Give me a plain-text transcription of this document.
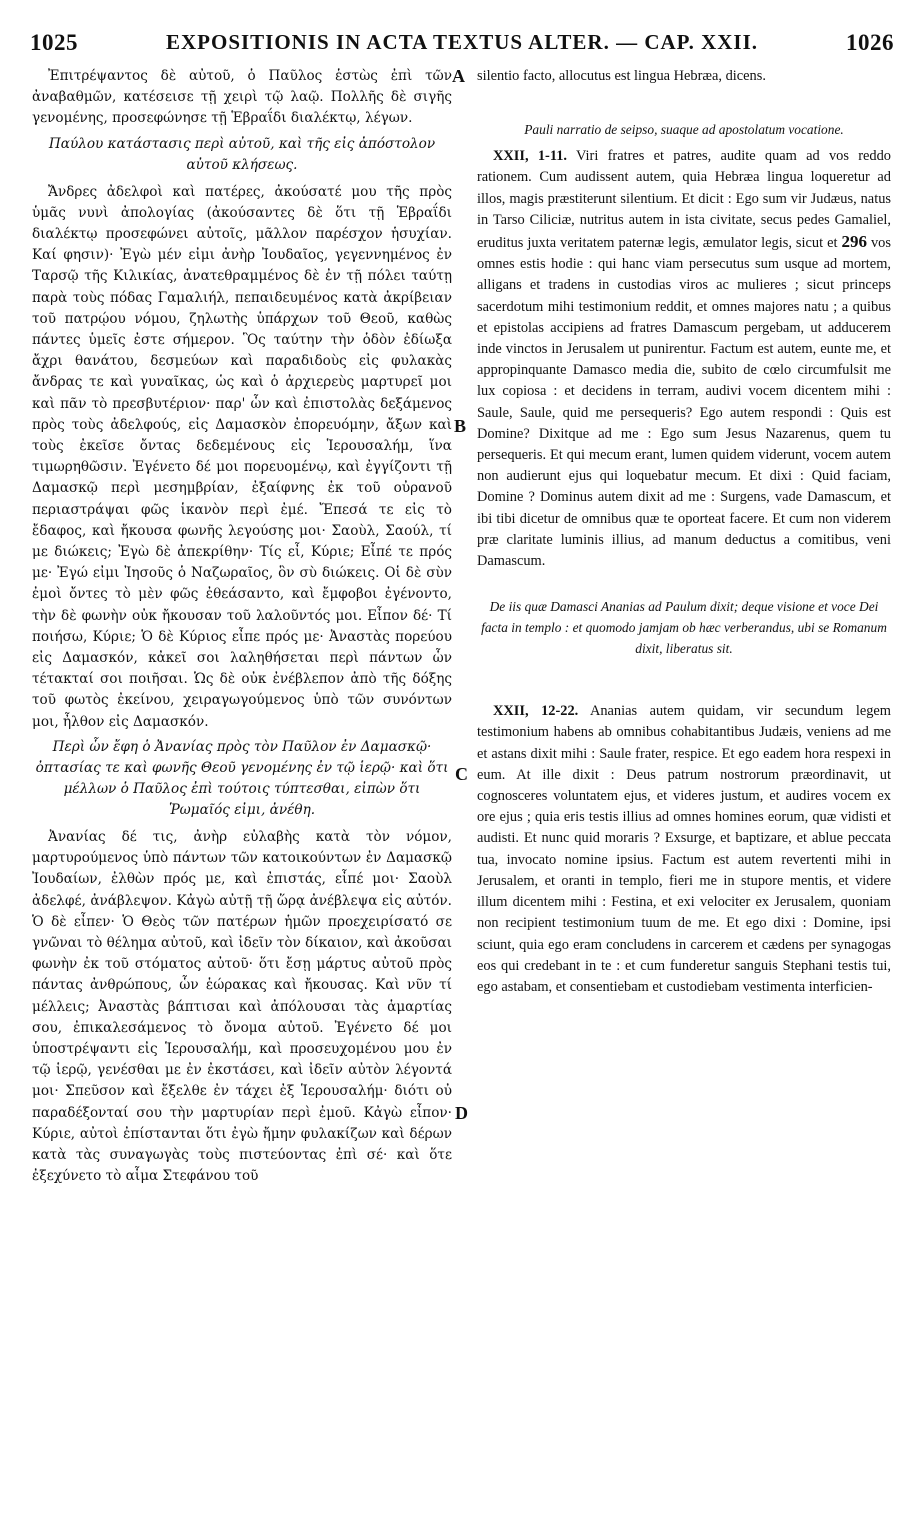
1025	EXPOSITIONIS IN ACTA TEXTUS ALTER. — CAP. XXII.	1026
A
B
C
D

Ἐπιτρέψαντος δὲ αὐτοῦ, ὁ Παῦλος ἑστὼς ἐπὶ τῶν ἀναβαθμῶν, κατέσεισε τῇ χειρὶ τῷ λαῷ. Πολλῆς δὲ σιγῆς γενομένης, προσεφώνησε τῇ Ἑβραΐδι διαλέκτῳ, λέγων.

Παύλου κατάστασις περὶ αὐτοῦ, καὶ τῆς εἰς ἀπόστολον αὐτοῦ κλήσεως.

Ἄνδρες ἀδελφοὶ καὶ πατέρες, ἀκούσατέ μου τῆς πρὸς ὑμᾶς νυνὶ ἀπολογίας (ἀκούσαντες δὲ ὅτι τῇ Ἑβραΐδι διαλέκτῳ προσεφώνει αὐτοῖς, μᾶλλον παρέσχον ἡσυχίαν. Καί φησιν)· Ἐγὼ μέν εἰμι ἀνὴρ Ἰουδαῖος, γεγεννημένος ἐν Ταρσῷ τῆς Κιλικίας, ἀνατεθραμμένος δὲ ἐν τῇ πόλει ταύτῃ παρὰ τοὺς πόδας Γαμαλιήλ, πεπαιδευμένος κατὰ ἀκρίβειαν τοῦ πατρῴου νόμου, ζηλωτὴς ὑπάρχων τοῦ Θεοῦ, καθὼς πάντες ὑμεῖς ἐστε σήμερον. Ὃς ταύτην τὴν ὁδὸν ἐδίωξα ἄχρι θανάτου, δεσμεύων καὶ παραδιδοὺς εἰς φυλακὰς ἄνδρας τε καὶ γυναῖκας, ὡς καὶ ὁ ἀρχιερεὺς μαρτυρεῖ μοι καὶ πᾶν τὸ πρεσβυτέριον· παρ' ὧν καὶ ἐπιστολὰς δεξάμενος πρὸς τοὺς ἀδελφούς, εἰς Δαμασκὸν ἐπορευόμην, ἄξων καὶ τοὺς ἐκεῖσε ὄντας δεδεμένους εἰς Ἱερουσαλήμ, ἵνα τιμωρηθῶσιν. Ἐγένετο δέ μοι πορευομένῳ, καὶ ἐγγίζοντι τῇ Δαμασκῷ περὶ μεσημβρίαν, ἐξαίφνης ἐκ τοῦ οὐρανοῦ περιαστράψαι φῶς ἱκανὸν περὶ ἐμέ. Ἔπεσά τε εἰς τὸ ἔδαφος, καὶ ἤκουσα φωνῆς λεγούσης μοι· Σαοὺλ, Σαούλ, τί με διώκεις; Ἐγὼ δὲ ἀπεκρίθην· Τίς εἶ, Κύριε; Εἶπέ τε πρός με· Ἐγώ εἰμι Ἰησοῦς ὁ Ναζωραῖος, ὃν σὺ διώκεις. Οἱ δὲ σὺν ἐμοὶ ὄντες τὸ μὲν φῶς ἐθεάσαντο, καὶ ἔμφοβοι ἐγένοντο, τὴν δὲ φωνὴν οὐκ ἤκουσαν τοῦ λαλοῦντός μοι. Εἶπον δέ· Τί ποιήσω, Κύριε; Ὁ δὲ Κύριος εἶπε πρός με· Ἀναστὰς πορεύου εἰς Δαμασκόν, κἀκεῖ σοι λαληθήσεται περὶ πάντων ὧν τέτακταί σοι ποιῆσαι. Ὡς δὲ οὐκ ἐνέβλεπον ἀπὸ τῆς δόξης τοῦ φωτὸς ἐκείνου, χειραγωγούμενος ὑπὸ τῶν συνόντων μοι, ἦλθον εἰς Δαμασκόν.

Περὶ ὧν ἔφη ὁ Ἀνανίας πρὸς τὸν Παῦλον ἐν Δαμασκῷ· ὀπτασίας τε καὶ φωνῆς Θεοῦ γενομένης ἐν τῷ ἱερῷ· καὶ ὅτι μέλλων ὁ Παῦλος ἐπὶ τούτοις τύπτεσθαι, εἰπὼν ὅτι Ῥωμαῖός εἰμι, ἀνέθη.

Ἀνανίας δέ τις, ἀνὴρ εὐλαβὴς κατὰ τὸν νόμον, μαρτυρούμενος ὑπὸ πάντων τῶν κατοικούντων ἐν Δαμασκῷ Ἰουδαίων, ἐλθὼν πρός με, καὶ ἐπιστάς, εἶπέ μοι· Σαοὺλ ἀδελφέ, ἀνάβλεψον. Κἀγὼ αὐτῇ τῇ ὥρᾳ ἀνέβλεψα εἰς αὐτόν. Ὁ δὲ εἶπεν· Ὁ Θεὸς τῶν πατέρων ἡμῶν προεχειρίσατό σε γνῶναι τὸ θέλημα αὐτοῦ, καὶ ἰδεῖν τὸν δίκαιον, καὶ ἀκοῦσαι φωνὴν ἐκ τοῦ στόματος αὐτοῦ· ὅτι ἔσῃ μάρτυς αὐτοῦ πρὸς πάντας ἀνθρώπους, ὧν ἑώρακας καὶ ἤκουσας. Καὶ νῦν τί μέλλεις; Ἀναστὰς βάπτισαι καὶ ἀπόλουσαι τὰς ἁμαρτίας σου, ἐπικαλεσάμενος τὸ ὄνομα αὐτοῦ. Ἐγένετο δέ μοι ὑποστρέψαντι εἰς Ἱερουσαλήμ, καὶ προσευχομένου μου ἐν τῷ ἱερῷ, γενέσθαι με ἐν ἐκστάσει, καὶ ἰδεῖν αὐτὸν λέγοντά μοι· Σπεῦσον καὶ ἔξελθε ἐν τάχει ἐξ Ἱερουσαλήμ· διότι οὐ παραδέξονταί σου τὴν μαρτυρίαν περὶ ἐμοῦ. Κἀγὼ εἶπον· Κύριε, αὐτοὶ ἐπίστανται ὅτι ἐγὼ ἤμην φυλακίζων καὶ δέρων κατὰ τὰς συναγωγὰς τοὺς πιστεύοντας ἐπὶ σέ· καὶ ὅτε ἐξεχύνετο τὸ αἷμα Στεφάνου τοῦ

silentio facto, allocutus est lingua Hebræa, dicens.

Pauli narratio de seipso, suaque ad apostolatum vocatione.

XXII, 1-11. Viri fratres et patres, audite quam ad vos reddo rationem. Cum audissent autem, quia Hebræa lingua loqueretur ad illos, magis præstiterunt silentium. Et dicit : Ego sum vir Judæus, natus in Tarso Ciliciæ, nutritus autem in ista civitate, secus pedes Gamaliel, eruditus juxta veritatem paternæ legis, æmulator legis, sicut et 296 vos omnes estis hodie : qui hanc viam persecutus sum usque ad mortem, alligans et tradens in custodias viros ac mulieres ; sicut princeps sacerdotum mihi testimonium reddit, et omnes majores natu ; a quibus et epistolas accipiens ad fratres Damascum pergebam, ut adducerem inde vinctos in Jerusalem ut punirentur. Factum est autem, eunte me, et appropinquante Damasco media die, subito de cœlo circumfulsit me lux copiosa : et decidens in terram, audivi vocem dicentem mihi : Saule, Saule, quid me persequeris? Ego autem respondi : Quis est Domine? Dixitque ad me : Ego sum Jesus Nazarenus, quem tu persequeris. Et qui mecum erant, lumen quidem viderunt, vocem autem non audierunt ejus qui loquebatur mecum. Et dixi : Quid faciam, Domine ? Dominus autem dixit ad me : Surgens, vade Damascum, et ibi tibi dicetur de omnibus quæ te oporteat facere. Et cum non viderem præ claritate luminis illius, ad manum deductus a comitibus, veni Damascum.

De iis quæ Damasci Ananias ad Paulum dixit; deque visione et voce Dei facta in templo : et quomodo jamjam ob hæc verberandus, ubi se Romanum dixit, liberatus sit.

XXII, 12-22. Ananias autem quidam, vir secundum legem testimonium habens ab omnibus cohabitantibus Judæis, veniens ad me et astans dixit mihi : Saule frater, respice. Et ego eadem hora respexi in eum. At ille dixit : Deus patrum nostrorum præordinavit, ut cognosceres voluntatem ejus, et videres justum, et audires vocem ex ore ejus ; quia eris testis illius ad omnes homines eorum, quæ vidisti et audisti. Et nunc quid moraris ? Exsurge, et baptizare, et ablue peccata tua, invocato nomine ipsius. Factum est autem revertenti mihi in Jerusalem, et oranti in templo, fieri me in stupore mentis, et videre illum dicentem mihi : Festina, et exi velociter ex Jerusalem, quoniam non recipient testimonium tuum de me. Et ego dixi : Domine, ipsi sciunt, quia ego eram concludens in carcerem et cædens per synagogas eos qui credebant in te : et cum funderetur sanguis Stephani testis tui, ego astabam, et consentiebam et custodiebam vestimenta interficien-
